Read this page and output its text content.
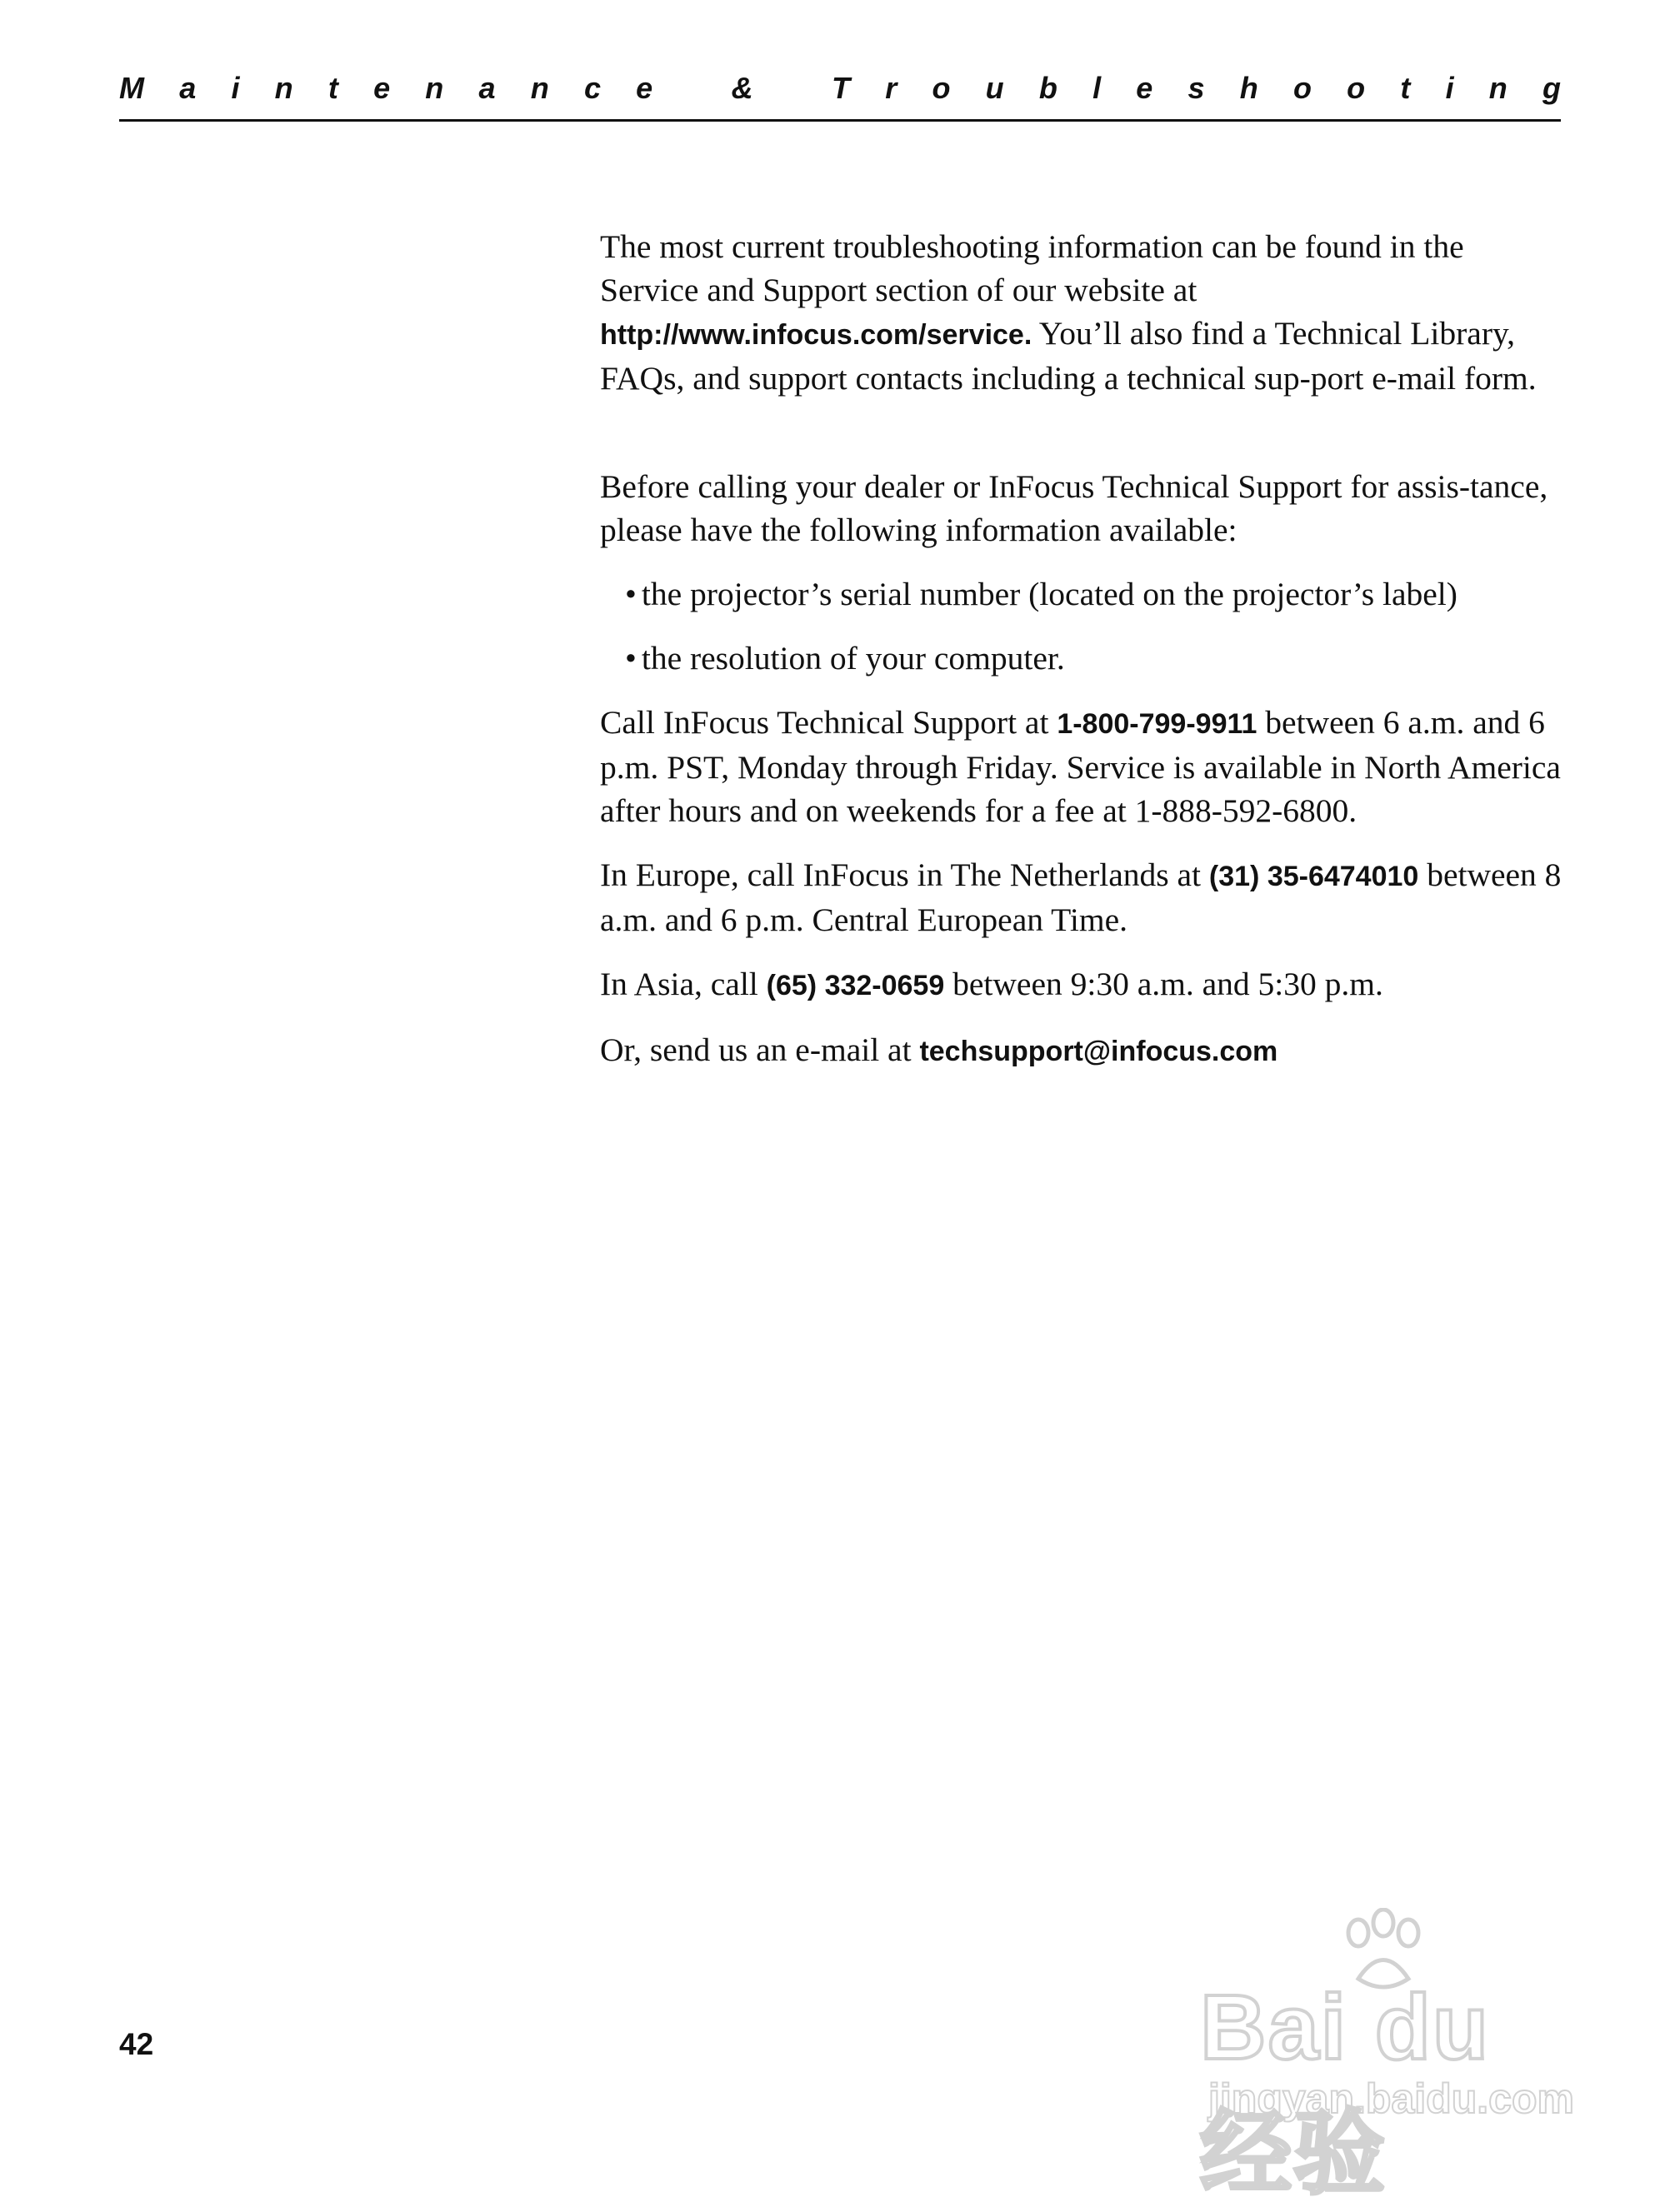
M a i n t e n a n c e
	&
	T r o u b l e s h o o t i n g

The most current troubleshooting information can be found in the Service and Support section of our website at http://www.infocus.com/service. You’ll also find a Technical Library, FAQs, and support contacts including a technical sup-port e-mail form.

Before calling your dealer or InFocus Technical Support for assis-tance, please have the following information available:

• the projector’s serial number (located on the projector’s label)
• the resolution of your computer.

Call InFocus Technical Support at 1-800-799-9911 between 6 a.m. and 6 p.m. PST, Monday through Friday. Service is available in North America after hours and on weekends for a fee at 1-888-592-6800.

In Europe, call InFocus in The Netherlands at (31) 35-6474010 between 8 a.m. and 6 p.m. Central European Time.

In Asia, call (65) 332-0659 between 9:30 a.m. and 5:30 p.m.

Or, send us an e-mail at techsupport@infocus.com

42	Bai du 经验
jingyan.baidu.com
